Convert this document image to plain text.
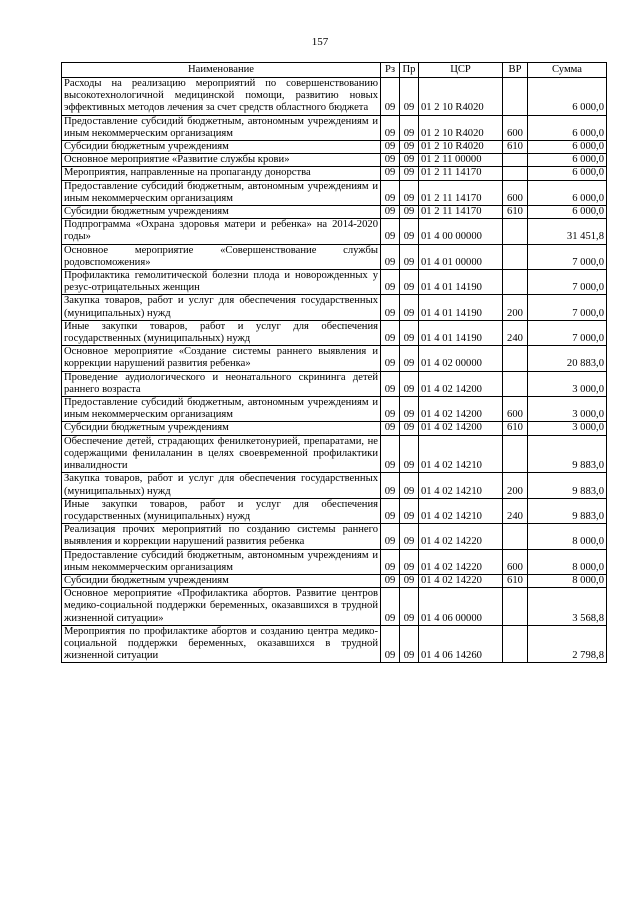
157
Наименование	Рз	Пр	ЦСР	ВР	Сумма
Расходы на реализацию мероприятий по совершенствованию высокотехнологичной медицинской помощи, развитию новых эффективных методов лечения за счет средств областного бюджета	09	09	01 2 10 R4020		6 000,0
Предоставление субсидий бюджетным, автономным учреждениям и иным некоммерческим организациям	09	09	01 2 10 R4020	600	6 000,0
Субсидии бюджетным учреждениям	09	09	01 2 10 R4020	610	6 000,0
Основное мероприятие «Развитие службы крови»	09	09	01 2 11 00000		6 000,0
Мероприятия, направленные на пропаганду донорства	09	09	01 2 11 14170		6 000,0
Предоставление субсидий бюджетным, автономным учреждениям и иным некоммерческим организациям	09	09	01 2 11 14170	600	6 000,0
Субсидии бюджетным учреждениям	09	09	01 2 11 14170	610	6 000,0
Подпрограмма «Охрана здоровья матери и ребенка» на 2014-2020 годы»	09	09	01 4 00 00000		31 451,8
Основное мероприятие «Совершенствование службы родовспоможения»	09	09	01 4 01 00000		7 000,0
Профилактика гемолитической болезни плода и новорожденных у резус-отрицательных женщин	09	09	01 4 01 14190		7 000,0
Закупка товаров, работ и услуг для обеспечения государственных (муниципальных) нужд	09	09	01 4 01 14190	200	7 000,0
Иные закупки товаров, работ и услуг для обеспечения государственных (муниципальных) нужд	09	09	01 4 01 14190	240	7 000,0
Основное мероприятие «Создание системы раннего выявления и коррекции нарушений развития ребенка»	09	09	01 4 02 00000		20 883,0
Проведение аудиологического и неонатального скрининга детей раннего возраста	09	09	01 4 02 14200		3 000,0
Предоставление субсидий бюджетным, автономным учреждениям и иным некоммерческим организациям	09	09	01 4 02 14200	600	3 000,0
Субсидии бюджетным учреждениям	09	09	01 4 02 14200	610	3 000,0
Обеспечение детей, страдающих фенилкетонурией, препаратами, не содержащими фенилаланин в целях своевременной профилактики инвалидности	09	09	01 4 02 14210		9 883,0
Закупка товаров, работ и услуг для обеспечения государственных (муниципальных) нужд	09	09	01 4 02 14210	200	9 883,0
Иные закупки товаров, работ и услуг для обеспечения государственных (муниципальных) нужд	09	09	01 4 02 14210	240	9 883,0
Реализация прочих мероприятий по созданию системы раннего выявления и коррекции нарушений развития ребенка	09	09	01 4 02 14220		8 000,0
Предоставление субсидий бюджетным, автономным учреждениям и иным некоммерческим организациям	09	09	01 4 02 14220	600	8 000,0
Субсидии бюджетным учреждениям	09	09	01 4 02 14220	610	8 000,0
Основное мероприятие «Профилактика абортов. Развитие центров медико-социальной поддержки беременных, оказавшихся в трудной жизненной ситуации»	09	09	01 4 06 00000		3 568,8
Мероприятия по профилактике абортов и созданию центра медико-социальной поддержки беременных, оказавшихся в трудной жизненной ситуации	09	09	01 4 06 14260		2 798,8
